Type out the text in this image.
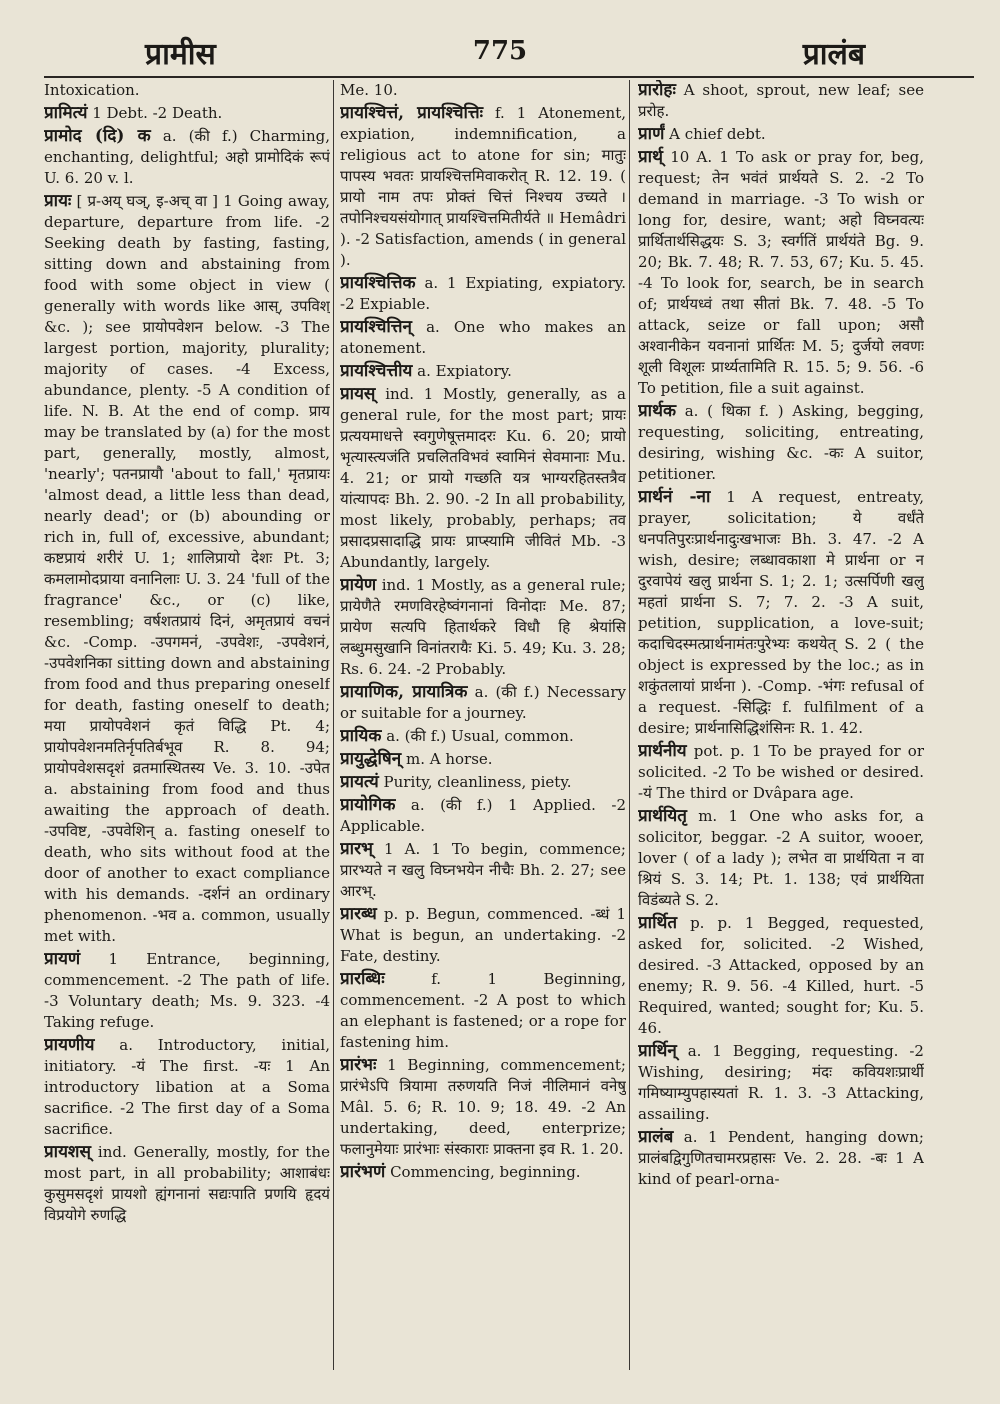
प्रामीस	775	प्रालंब

Intoxication.

प्रामित्यं 1 Debt. -2 Death.

प्रामोद (दि) क a. (की f.) Charming, enchanting, delightful; अहो प्रामोदिकं रूपं U. 6. 20 v. l.

प्रायः [ प्र-अय् घञ्, इ-अच् वा ] 1 Going away, departure, departure from life. -2 Seeking death by fasting, fasting, sitting down and abstaining from food with some object in view ( generally with words like आस्, उपविश् &c. ); see प्रायोपवेशन below. -3 The largest portion, majority, plurality; majority of cases. -4 Excess, abundance, plenty. -5 A condition of life. N. B. At the end of comp. प्राय may be translated by (a) for the most part, generally, mostly, almost, 'nearly'; पतनप्रायौ 'about to fall,' मृतप्रायः 'almost dead, a little less than dead, nearly dead'; or (b) abounding or rich in, full of, excessive, abundant; कष्टप्रायं शरीरं U. 1; शालिप्रायो देशः Pt. 3; कमलामोदप्राया वनानिलाः U. 3. 24 'full of the fragrance' &c., or (c) like, resembling; वर्षशतप्रायं दिनं, अमृतप्रायं वचनं &c. -Comp. -उपगमनं, -उपवेशः, -उपवेशनं, -उपवेशनिका sitting down and abstaining from food and thus preparing oneself for death, fasting oneself to death; मया प्रायोपवेशनं कृतं विद्धि Pt. 4; प्रायोपवेशनमतिर्नृपतिर्बभूव R. 8. 94; प्रायोपवेशसदृशं व्रतमास्थितस्य Ve. 3. 10. -उपेत a. abstaining from food and thus awaiting the approach of death. -उपविष्ट, -उपवेशिन् a. fasting oneself to death, who sits without food at the door of another to exact compliance with his demands. -दर्शनं an ordinary phenomenon. -भव a. common, usually met with.

प्रायणं 1 Entrance, beginning, commencement. -2 The path of life. -3 Voluntary death; Ms. 9. 323. -4 Taking refuge.

प्रायणीय a. Introductory, initial, initiatory. -यं The first. -यः 1 An introductory libation at a Soma sacrifice. -2 The first day of a Soma sacrifice.

प्रायशस् ind. Generally, mostly, for the most part, in all probability; आशाबंधः कुसुमसदृशं प्रायशो ह्यंगनानां सद्यःपाति प्रणयि हृदयं विप्रयोगे रुणद्धि

Me. 10.

प्रायश्चित्तं, प्रायश्चित्तिः f. 1 Atonement, expiation, indemnification, a religious act to atone for sin; मातुः पापस्य भवतः प्रायश्चित्तमिवाकरोत् R. 12. 19. ( प्रायो नाम तपः प्रोक्तं चित्तं निश्चय उच्यते । तपोनिश्चयसंयोगात् प्रायश्चित्तमितीर्यते ॥ Hemâdri ). -2 Satisfaction, amends ( in general ).

प्रायश्चित्तिक a. 1 Expiating, expiatory. -2 Expiable.

प्रायश्चित्तिन् a. One who makes an atonement.

प्रायश्चित्तीय a. Expiatory.

प्रायस् ind. 1 Mostly, generally, as a general rule, for the most part; प्रायः प्रत्ययमाधत्ते स्वगुणेषूत्तमादरः Ku. 6. 20; प्रायो भृत्यास्त्यजंति प्रचलितविभवं स्वामिनं सेवमानाः Mu. 4. 21; or प्रायो गच्छति यत्र भाग्यरहितस्तत्रैव यांत्यापदः Bh. 2. 90. -2 In all probability, most likely, probably, perhaps; तव प्रसादप्रसादाद्धि प्रायः प्राप्स्यामि जीवितं Mb. -3 Abundantly, largely.

प्रायेण ind. 1 Mostly, as a general rule; प्रायेणैते रमणविरहेष्वंगनानां विनोदाः Me. 87; प्रायेण सत्यपि हितार्थकरे विधौ हि श्रेयांसि लब्धुमसुखानि विनांतरायैः Ki. 5. 49; Ku. 3. 28; Rs. 6. 24. -2 Probably.

प्रायाणिक, प्रायात्रिक a. (की f.) Necessary or suitable for a journey.

प्रायिक a. (की f.) Usual, common.

प्रायुद्धेषिन् m. A horse.

प्रायत्यं Purity, cleanliness, piety.

प्रायोगिक a. (की f.) 1 Applied. -2 Applicable.

प्रारभ् 1 A. 1 To begin, commence; प्रारभ्यते न खलु विघ्नभयेन नीचैः Bh. 2. 27; see आरभ्.

प्रारब्ध p. p. Begun, commenced. -ब्धं 1 What is begun, an undertaking. -2 Fate, destiny.

प्रारब्धिः	f. 1 Beginning, commencement. -2 A post to which an elephant is fastened; or a rope for fastening him.

प्रारंभः 1 Beginning, commencement; प्रारंभेऽपि त्रियामा तरुणयति निजं नीलिमानं वनेषु Mâl. 5. 6; R. 10. 9; 18. 49. -2 An undertaking, deed, enterprize; फलानुमेयाः प्रारंभाः संस्काराः प्राक्तना इव R. 1. 20.

प्रारंभणं Commencing, beginning.

प्रारोहः A shoot, sprout, new leaf; see प्ररोह.

प्रार्णं A chief debt.

प्रार्थ् 10 A. 1 To ask or pray for, beg, request; तेन भवंतं प्रार्थयते S. 2. -2 To demand in marriage. -3 To wish or long for, desire, want; अहो विघ्नवत्यः प्रार्थितार्थसिद्धयः S. 3; स्वर्गतिं प्रार्थयंते Bg. 9. 20; Bk. 7. 48; R. 7. 53, 67; Ku. 5. 45. -4 To look for, search, be in search of; प्रार्थयध्वं तथा सीतां Bk. 7. 48. -5 To attack, seize or fall upon; असौ अश्वानीकेन यवनानां प्रार्थितः M. 5; दुर्जयो लवणः शूली विशूलः प्रार्थ्यतामिति R. 15. 5; 9. 56. -6 To petition, file a suit against.

प्रार्थक a. ( थिका f. ) Asking, begging, requesting, soliciting, entreating, desiring, wishing &c. -कः A suitor, petitioner.

प्रार्थनं -ना 1 A request, entreaty, prayer, solicitation; ये वर्धंते धनपतिपुरःप्रार्थनादुःखभाजः Bh. 3. 47. -2 A wish, desire; लब्धावकाशा मे प्रार्थना or न दुरवापेयं खलु प्रार्थना S. 1; 2. 1; उत्सर्पिणी खलु महतां प्रार्थना S. 7; 7. 2. -3 A suit, petition, supplication, a love-suit; कदाचिदस्मत्प्रार्थनामंतःपुरेभ्यः कथयेत् S. 2 ( the object is expressed by the loc.; as in शकुंतलायां प्रार्थना ). -Comp. -भंगः refusal of a request. -सिद्धिः f. fulfilment of a desire; प्रार्थनासिद्धिशंसिनः R. 1. 42.

प्रार्थनीय pot. p. 1 To be prayed for or solicited. -2 To be wished or desired. -यं The third or Dvâpara age.

प्रार्थयितृ m. 1 One who asks for, a solicitor, beggar. -2 A suitor, wooer, lover ( of a lady ); लभेत वा प्रार्थयिता न वा श्रियं S. 3. 14; Pt. 1. 138; एवं प्रार्थयिता विडंब्यते S. 2.

प्रार्थित p. p. 1 Begged, requested, asked for, solicited. -2 Wished, desired. -3 Attacked, opposed by an enemy; R. 9. 56. -4 Killed, hurt. -5 Required, wanted; sought for; Ku. 5. 46.

प्रार्थिन् a. 1 Begging, requesting. -2 Wishing, desiring; मंदः कवियशःप्रार्थी गमिष्याम्युपहास्यतां R. 1. 3. -3 Attacking, assailing.

प्रालंब a. 1 Pendent, hanging down; प्रालंबद्विगुणितचामरप्रहासः Ve. 2. 28. -बः 1 A kind of pearl-orna-
